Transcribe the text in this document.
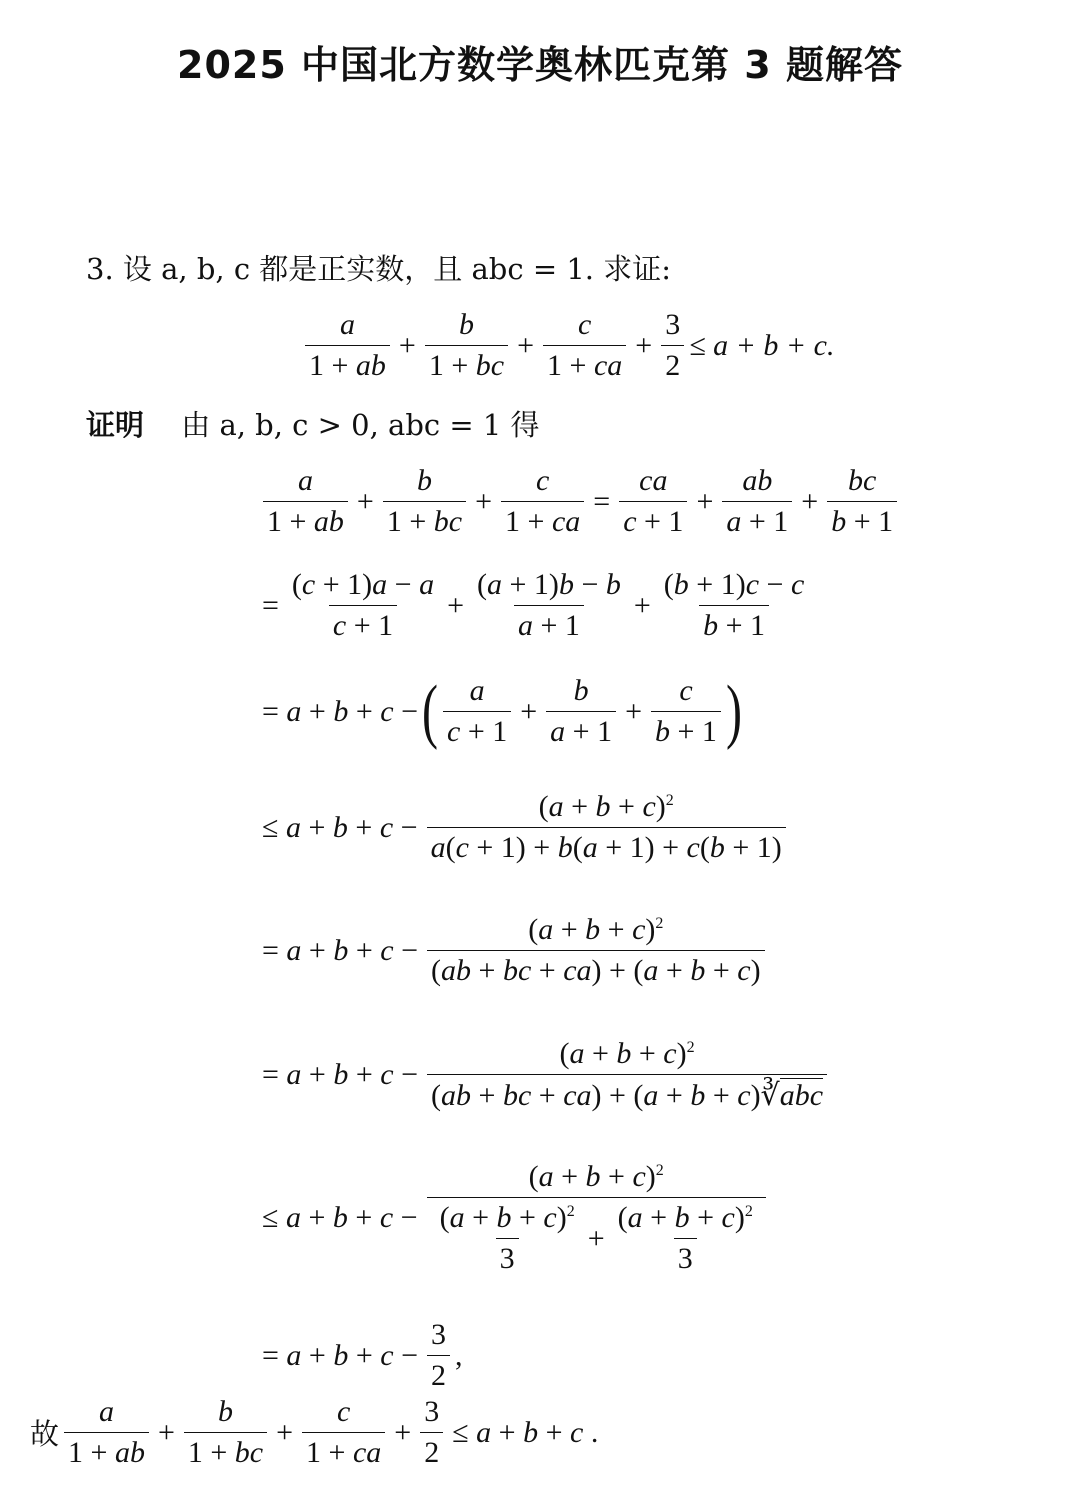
2025 中国北方数学奥林匹克第 3 题解答
3. 设 a, b, c 都是正实数，且 abc = 1. 求证:
$\frac{a}{1 + ab} + \frac{b}{1 + bc} + \frac{c}{1 + ca} + \frac{3}{2} \le a + b + c$.
证明 由 a, b, c > 0, abc = 1 得
$\frac{a}{1 + ab} + \frac{b}{1 + bc} + \frac{c}{1 + ca} = \frac{ca}{c + 1} + \frac{ab}{a + 1} + \frac{bc}{b + 1}$
= $\frac{(c + 1)a - a}{c + 1} + \frac{(a + 1)b - b}{a + 1} + \frac{(b + 1)c - c}{b + 1}$
= a + b + c − ( $\frac{a}{c + 1} + \frac{b}{a + 1} + \frac{c}{b + 1}$ )
≤ $a + b + c - \frac{(a + b + c)^2}{a(c + 1) + b(a + 1) + c(b + 1)}$
= $a + b + c - \frac{(a + b + c)^2}{(ab + bc + ca) + (a + b + c)}$
= $a + b + c - \frac{(a + b + c)^2}{\text{(ab + bc + ca) + (a + b + c)∛abc}}$
≤ $a + b + c - \frac{(a + b + c)^2}{\frac{(a + b + c)^2}{3} + \frac{(a + b + c)^2}{3}}$
= $a + b + c - \frac{3}{2}$ ,
故 $\frac{a}{1 + ab} + \frac{b}{1 + bc} + \frac{c}{1 + ca} + \frac{3}{2} \le a + b + c$ .
